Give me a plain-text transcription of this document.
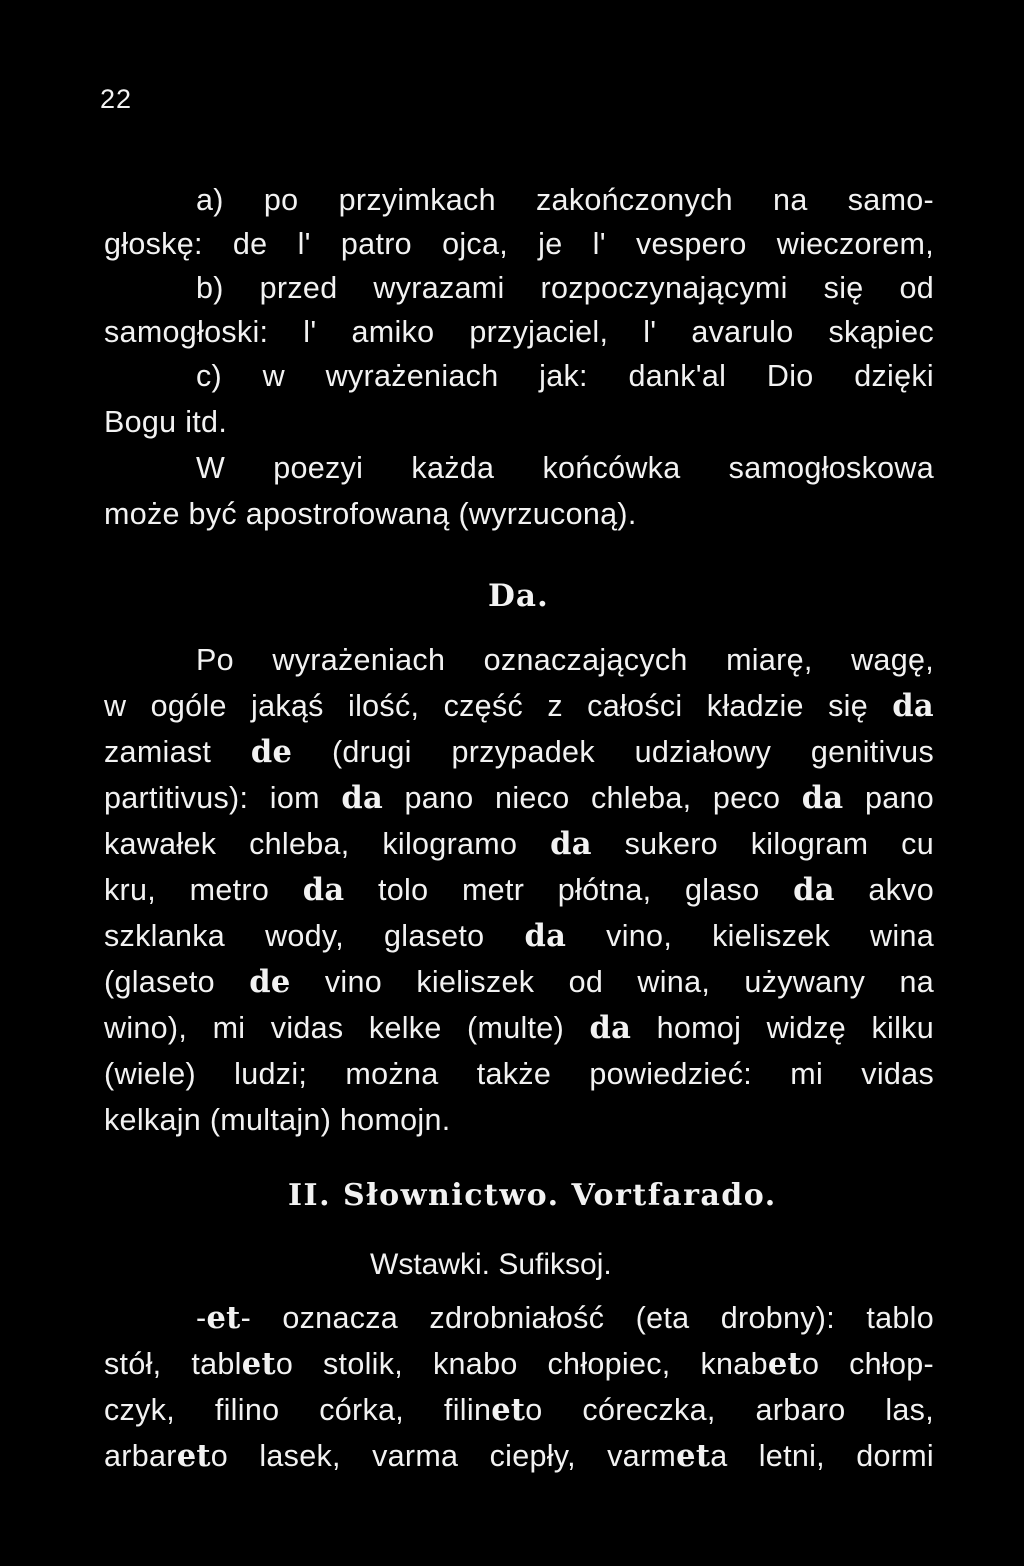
22
a) po przyimkach zakończonych na samo-
głoskę: de l' patro ojca, je l' vespero wieczorem,
b) przed wyrazami rozpoczynającymi się od
samogłoski: l' amiko przyjaciel, l' avarulo skąpiec
c) w wyrażeniach jak: dank'al Dio dzięki
Bogu itd.
W poezyi każda końcówka samogłoskowa
może być apostrofowaną (wyrzuconą).
Da.
Po wyrażeniach oznaczających miarę, wagę,
w ogóle jakąś ilość, część z całości kładzie się da
zamiast de (drugi przypadek udziałowy genitivus
partitivus): iom da pano nieco chleba, peco da pano
kawałek chleba, kilogramo da sukero kilogram cu
kru, metro da tolo metr płótna, glaso da akvo
szklanka wody, glaseto da vino, kieliszek wina
(glaseto de vino kieliszek od wina, używany na
wino), mi vidas kelke (multe) da homoj widzę kilku
(wiele) ludzi; można także powiedzieć: mi vidas
kelkajn (multajn) homojn.
II. Słownictwo. Vortfarado.
Wstawki. Sufiksoj.
-et- oznacza zdrobniałość (eta drobny): tablo
stół, tableto stolik, knabo chłopiec, knabeto chłop-
czyk, filino córka, filineto córeczka, arbaro las,
arbareto lasek, varma ciepły, varmeta letni, dormi
